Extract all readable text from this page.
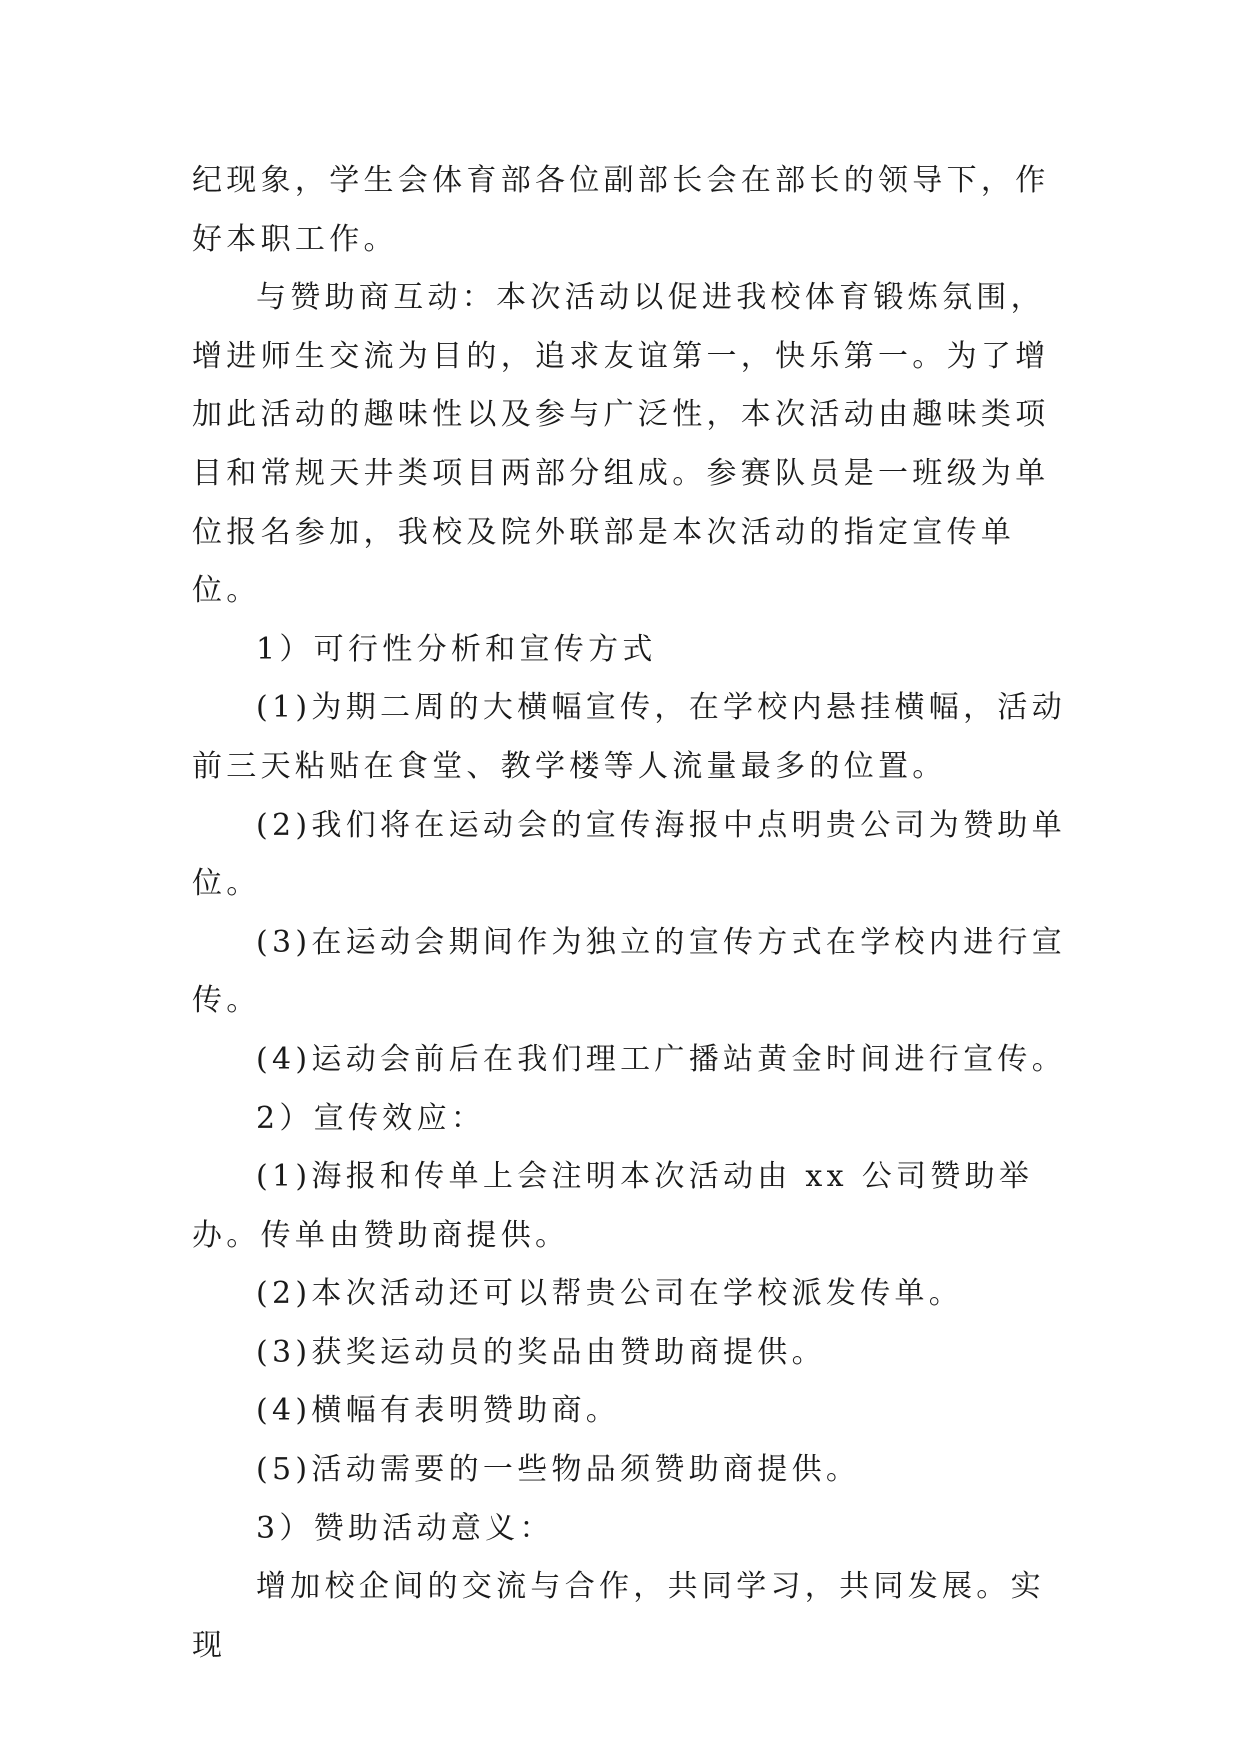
纪现象，学生会体育部各位副部长会在部长的领导下，作好本职工作。

与赞助商互动：本次活动以促进我校体育锻炼氛围，增进师生交流为目的，追求友谊第一，快乐第一。为了增加此活动的趣味性以及参与广泛性，本次活动由趣味类项目和常规天井类项目两部分组成。参赛队员是一班级为单位报名参加，我校及院外联部是本次活动的指定宣传单位。

1）可行性分析和宣传方式

(1)为期二周的大横幅宣传，在学校内悬挂横幅，活动前三天粘贴在食堂、教学楼等人流量最多的位置。

(2)我们将在运动会的宣传海报中点明贵公司为赞助单位。

(3)在运动会期间作为独立的宣传方式在学校内进行宣传。

(4)运动会前后在我们理工广播站黄金时间进行宣传。

2）宣传效应：

(1)海报和传单上会注明本次活动由 xx 公司赞助举办。传单由赞助商提供。

(2)本次活动还可以帮贵公司在学校派发传单。

(3)获奖运动员的奖品由赞助商提供。

(4)横幅有表明赞助商。

(5)活动需要的一些物品须赞助商提供。

3）赞助活动意义：

增加校企间的交流与合作，共同学习，共同发展。实现
